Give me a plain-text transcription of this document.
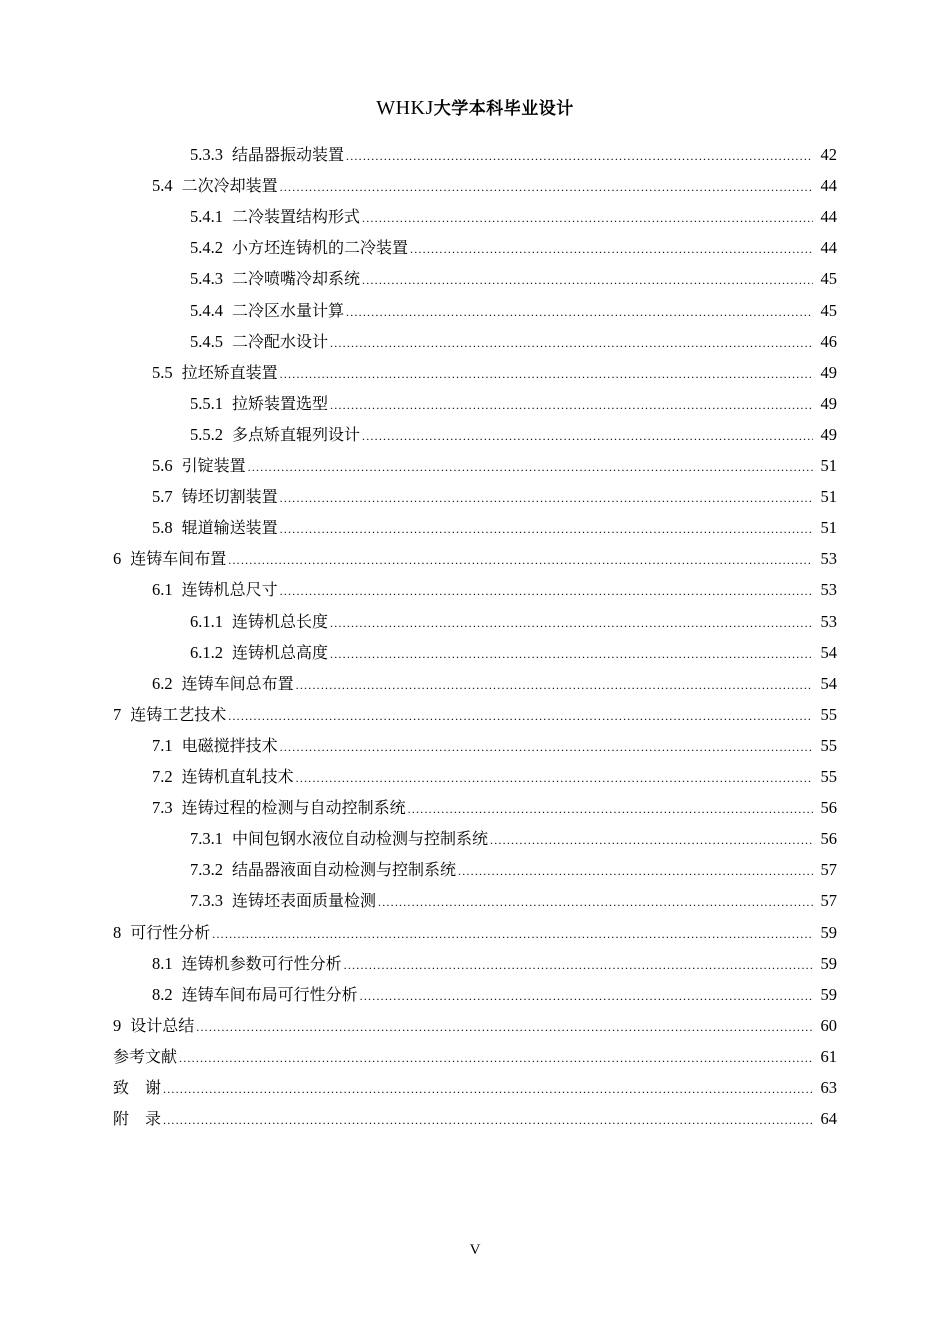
WHKJ大学本科毕业设计
5.3.3 结晶器振动装置 .....	42
5.4 二次冷却装置 .....	44
5.4.1 二冷装置结构形式 .....	44
5.4.2 小方坯连铸机的二冷装置 .....	44
5.4.3 二冷喷嘴冷却系统 .....	45
5.4.4 二冷区水量计算 .....	45
5.4.5 二冷配水设计 .....	46
5.5 拉坯矫直装置 .....	49
5.5.1 拉矫装置选型 .....	49
5.5.2 多点矫直辊列设计 .....	49
5.6 引锭装置 .....	51
5.7 铸坯切割装置 .....	51
5.8 辊道输送装置 .....	51
6 连铸车间布置 .....	53
6.1 连铸机总尺寸 .....	53
6.1.1 连铸机总长度 .....	53
6.1.2 连铸机总高度 .....	54
6.2 连铸车间总布置 .....	54
7 连铸工艺技术 .....	55
7.1 电磁搅拌技术 .....	55
7.2 连铸机直轧技术 .....	55
7.3 连铸过程的检测与自动控制系统 .....	56
7.3.1 中间包钢水液位自动检测与控制系统 .....	56
7.3.2 结晶器液面自动检测与控制系统 .....	57
7.3.3 连铸坯表面质量检测 .....	57
8 可行性分析 .....	59
8.1 连铸机参数可行性分析 .....	59
8.2 连铸车间布局可行性分析 .....	59
9 设计总结 .....	60
参考文献 .....	61
致　谢 .....	63
附　录 .....	64
V
